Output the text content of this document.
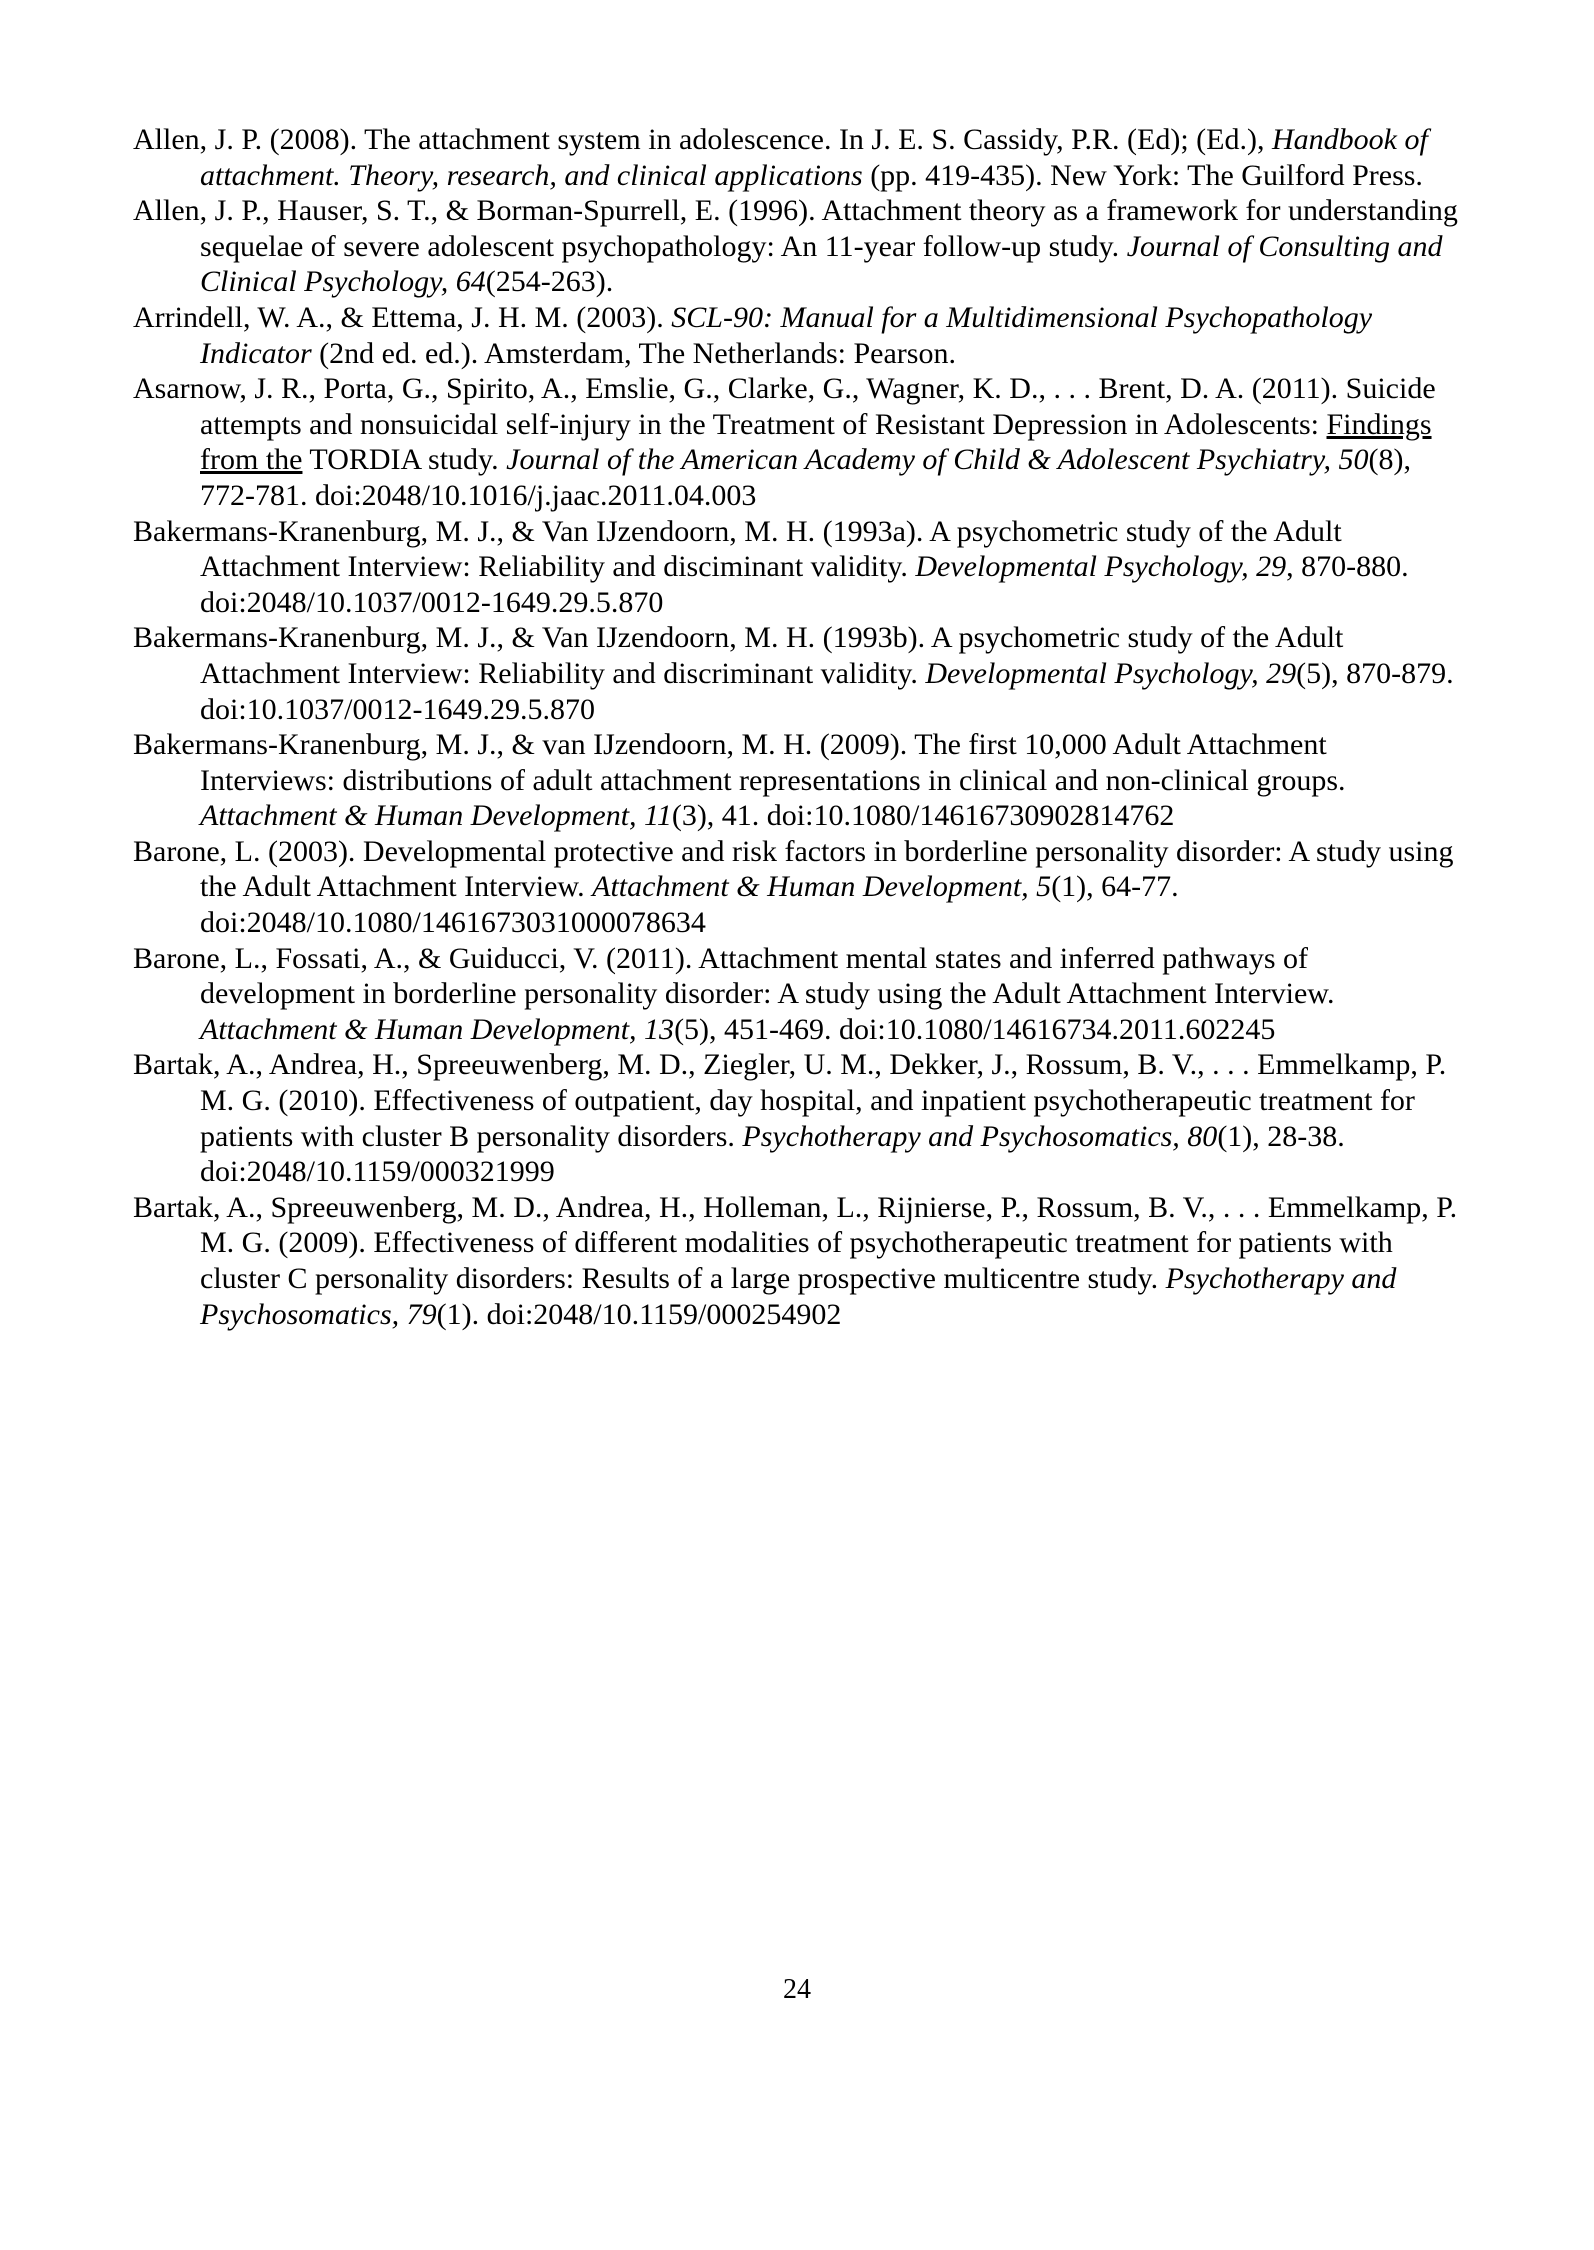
Allen, J. P. (2008). The attachment system in adolescence. In J. E. S. Cassidy, P.R. (Ed); (Ed.), Handbook of attachment. Theory, research, and clinical applications (pp. 419-435). New York: The Guilford Press.

Allen, J. P., Hauser, S. T., & Borman-Spurrell, E. (1996). Attachment theory as a framework for understanding sequelae of severe adolescent psychopathology: An 11-year follow-up study. Journal of Consulting and Clinical Psychology, 64(254-263).

Arrindell, W. A., & Ettema, J. H. M. (2003). SCL-90: Manual for a Multidimensional Psychopathology Indicator (2nd ed. ed.). Amsterdam, The Netherlands: Pearson.

Asarnow, J. R., Porta, G., Spirito, A., Emslie, G., Clarke, G., Wagner, K. D., . . . Brent, D. A. (2011). Suicide attempts and nonsuicidal self-injury in the Treatment of Resistant Depression in Adolescents: Findings from the TORDIA study. Journal of the American Academy of Child & Adolescent Psychiatry, 50(8), 772-781. doi:2048/10.1016/j.jaac.2011.04.003

Bakermans-Kranenburg, M. J., & Van IJzendoorn, M. H. (1993a). A psychometric study of the Adult Attachment Interview: Reliability and disciminant validity. Developmental Psychology, 29, 870-880. doi:2048/10.1037/0012-1649.29.5.870

Bakermans-Kranenburg, M. J., & Van IJzendoorn, M. H. (1993b). A psychometric study of the Adult Attachment Interview: Reliability and discriminant validity. Developmental Psychology, 29(5), 870-879. doi:10.1037/0012-1649.29.5.870

Bakermans-Kranenburg, M. J., & van IJzendoorn, M. H. (2009). The first 10,000 Adult Attachment Interviews: distributions of adult attachment representations in clinical and non-clinical groups. Attachment & Human Development, 11(3), 41. doi:10.1080/14616730902814762

Barone, L. (2003). Developmental protective and risk factors in borderline personality disorder: A study using the Adult Attachment Interview. Attachment & Human Development, 5(1), 64-77. doi:2048/10.1080/1461673031000078634

Barone, L., Fossati, A., & Guiducci, V. (2011). Attachment mental states and inferred pathways of development in borderline personality disorder: A study using the Adult Attachment Interview. Attachment & Human Development, 13(5), 451-469. doi:10.1080/14616734.2011.602245

Bartak, A., Andrea, H., Spreeuwenberg, M. D., Ziegler, U. M., Dekker, J., Rossum, B. V., . . . Emmelkamp, P. M. G. (2010). Effectiveness of outpatient, day hospital, and inpatient psychotherapeutic treatment for patients with cluster B personality disorders. Psychotherapy and Psychosomatics, 80(1), 28-38. doi:2048/10.1159/000321999

Bartak, A., Spreeuwenberg, M. D., Andrea, H., Holleman, L., Rijnierse, P., Rossum, B. V., . . . Emmelkamp, P. M. G. (2009). Effectiveness of different modalities of psychotherapeutic treatment for patients with cluster C personality disorders: Results of a large prospective multicentre study. Psychotherapy and Psychosomatics, 79(1). doi:2048/10.1159/000254902

24
